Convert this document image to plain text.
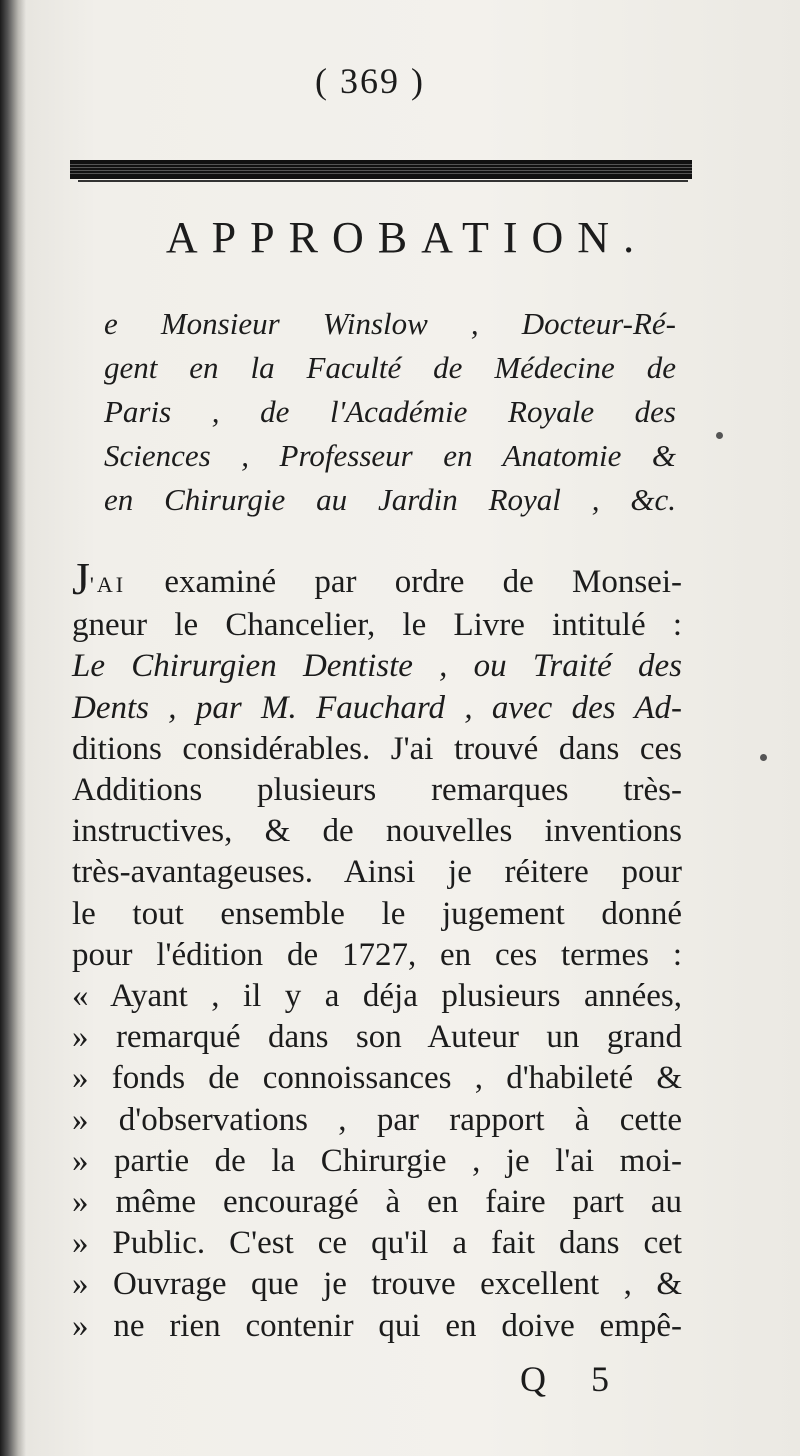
( 369 )
APPROBATION.
e Monsieur Winslow , Docteur-Ré-
gent en la Faculté de Médecine de
Paris , de l'Académie Royale des
Sciences , Professeur en Anatomie &
en Chirurgie au Jardin Royal , &c.
J'AI examiné par ordre de Monsei-
gneur le Chancelier, le Livre intitulé :
Le Chirurgien Dentiste , ou Traité des
Dents , par M. Fauchard , avec des Ad-
ditions considérables. J'ai trouvé dans ces
Additions plusieurs remarques très-
instructives, & de nouvelles inventions
très-avantageuses. Ainsi je réitere pour
le tout ensemble le jugement donné
pour l'édition de 1727, en ces termes :
« Ayant , il y a déja plusieurs années,
» remarqué dans son Auteur un grand
» fonds de connoissances , d'habileté &
» d'observations , par rapport à cette
» partie de la Chirurgie , je l'ai moi-
» même encouragé à en faire part au
» Public. C'est ce qu'il a fait dans cet
» Ouvrage que je trouve excellent , &
» ne rien contenir qui en doive empê-
Q 5
